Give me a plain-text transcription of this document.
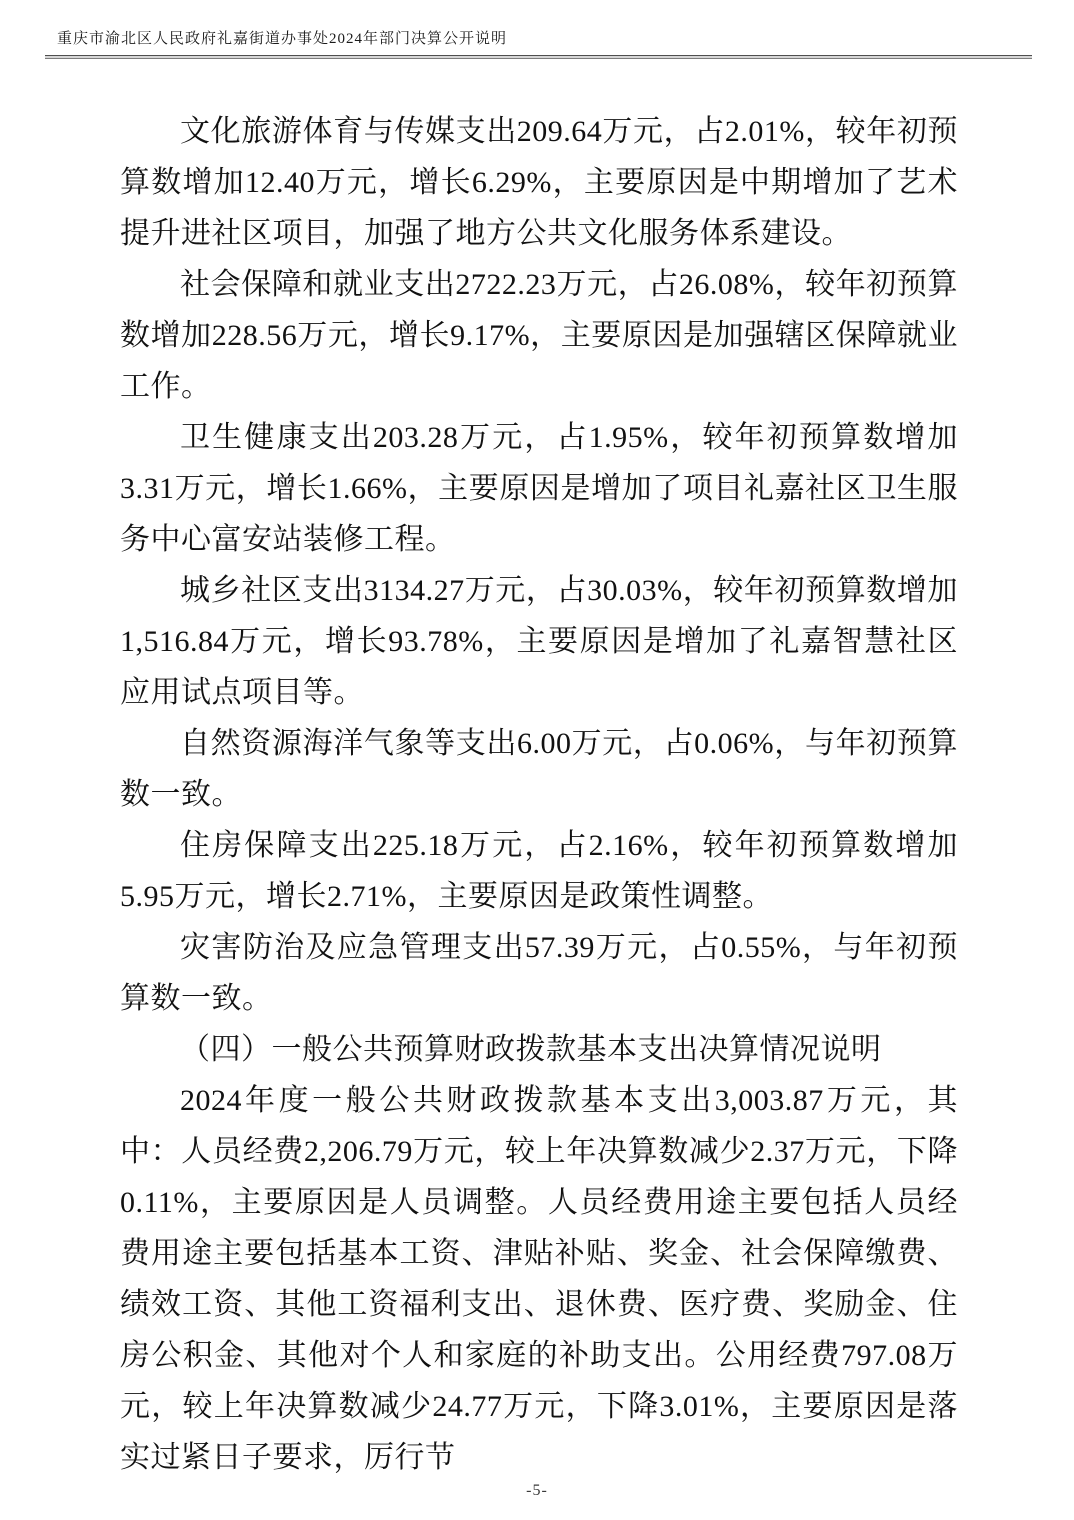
重庆市渝北区人民政府礼嘉街道办事处2024年部门决算公开说明

文化旅游体育与传媒支出209.64万元，占2.01%，较年初预算数增加12.40万元，增长6.29%，主要原因是中期增加了艺术提升进社区项目，加强了地方公共文化服务体系建设。

社会保障和就业支出2722.23万元，占26.08%，较年初预算数增加228.56万元，增长9.17%，主要原因是加强辖区保障就业工作。

卫生健康支出203.28万元，占1.95%，较年初预算数增加3.31万元，增长1.66%，主要原因是增加了项目礼嘉社区卫生服务中心富安站装修工程。

城乡社区支出3134.27万元，占30.03%，较年初预算数增加1,516.84万元，增长93.78%，主要原因是增加了礼嘉智慧社区应用试点项目等。

自然资源海洋气象等支出6.00万元，占0.06%，与年初预算数一致。

住房保障支出225.18万元，占2.16%，较年初预算数增加5.95万元，增长2.71%，主要原因是政策性调整。

灾害防治及应急管理支出57.39万元，占0.55%，与年初预算数一致。

（四）一般公共预算财政拨款基本支出决算情况说明

2024年度一般公共财政拨款基本支出3,003.87万元，其中：人员经费2,206.79万元，较上年决算数减少2.37万元，下降0.11%，主要原因是人员调整。人员经费用途主要包括人员经费用途主要包括基本工资、津贴补贴、奖金、社会保障缴费、绩效工资、其他工资福利支出、退休费、医疗费、奖励金、住房公积金、其他对个人和家庭的补助支出。公用经费797.08万元，较上年决算数减少24.77万元，下降3.01%，主要原因是落实过紧日子要求，厉行节

-5-
